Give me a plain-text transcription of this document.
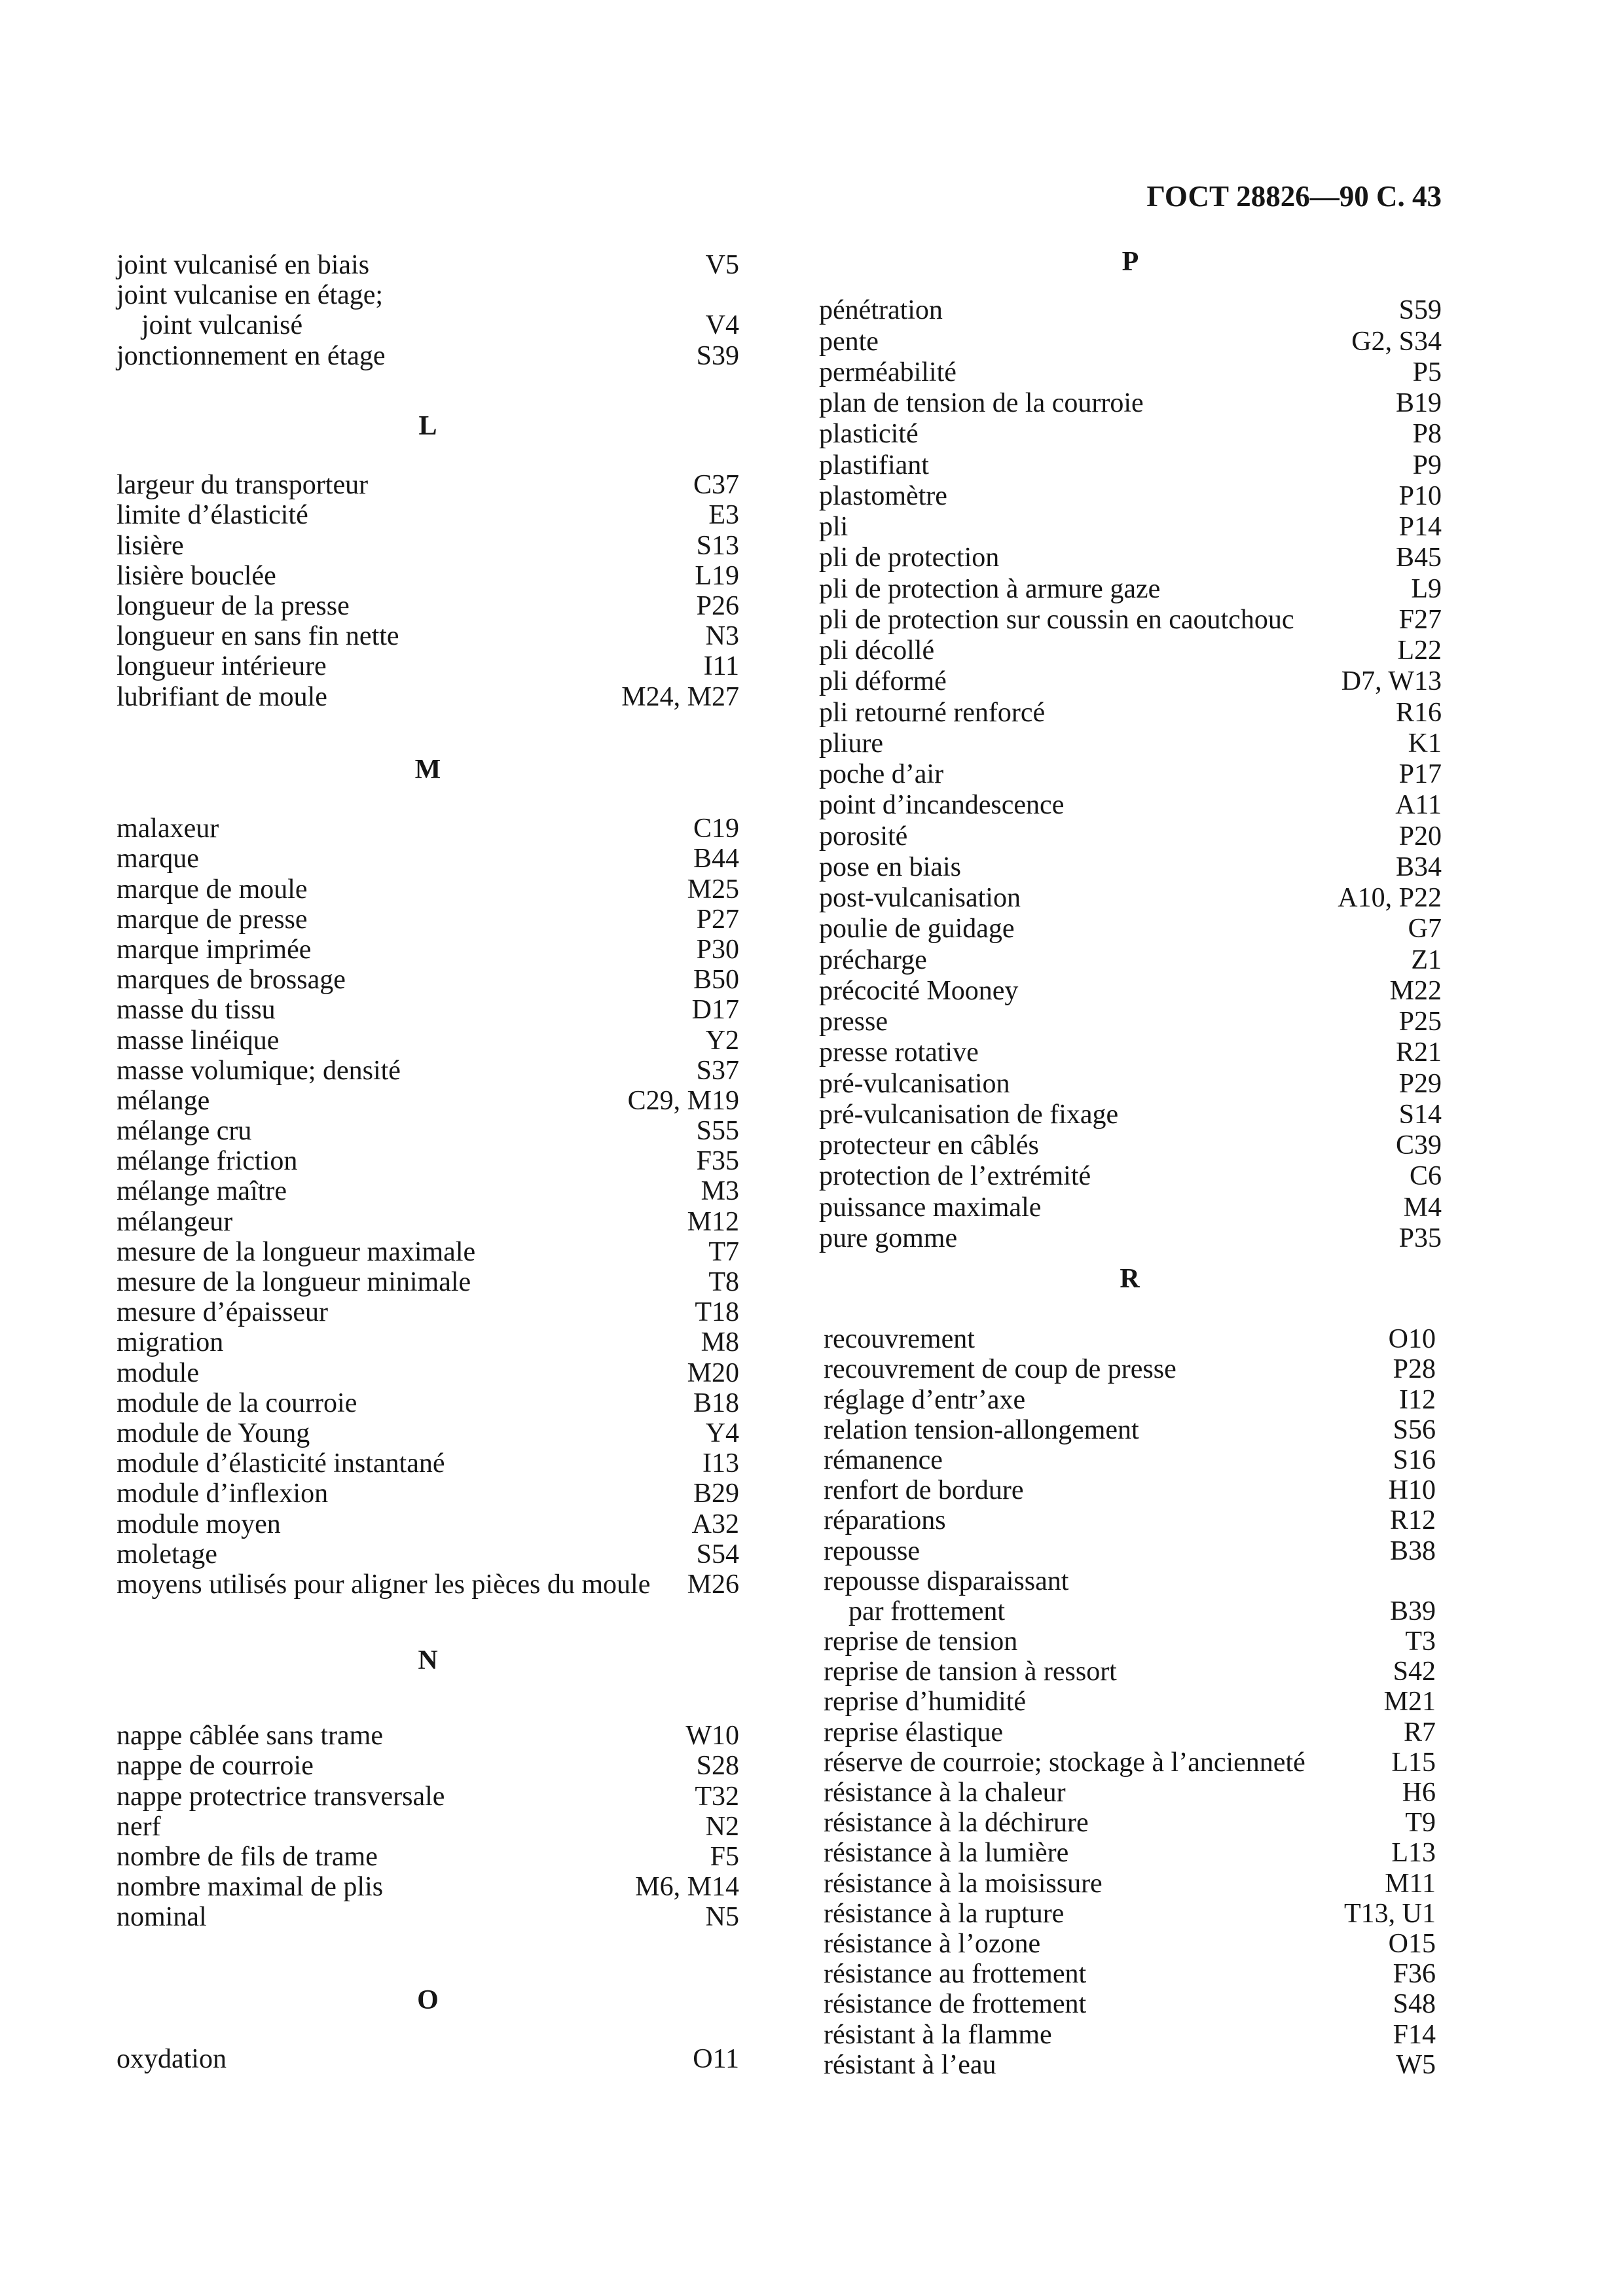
ГОСТ 28826—90 С. 43
joint vulcanisé en biais	V5
joint vulcanise en étage;
joint vulcanisé	V4
jonctionnement en étage	S39
L
largeur du transporteur	C37
limite d’élasticité	E3
lisière	S13
lisière bouclée	L19
longueur de la presse	P26
longueur en sans fin nette	N3
longueur intérieure	I11
lubrifiant de moule	M24, M27
M
malaxeur	C19
marque	B44
marque de moule	M25
marque de presse	P27
marque imprimée	P30
marques de brossage	B50
masse du tissu	D17
masse linéique	Y2
masse volumique; densité	S37
mélange	C29, M19
mélange cru	S55
mélange friction	F35
mélange maître	M3
mélangeur	M12
mesure de la longueur maximale	T7
mesure de la longueur minimale	T8
mesure d’épaisseur	T18
migration	M8
module	M20
module de la courroie	B18
module de Young	Y4
module d’élasticité instantané	I13
module d’inflexion	B29
module moyen	A32
moletage	S54
moyens utilisés pour aligner les pièces du moule M26
N
nappe câblée sans trame	W10
nappe de courroie	S28
nappe protectrice transversale	T32
nerf	N2
nombre de fils de trame	F5
nombre maximal de plis	M6, M14
nominal	N5
O
oxydation	O11
P
pénétration	S59
pente	G2, S34
perméabilité	P5
plan de tension de la courroie	B19
plasticité	P8
plastifiant	P9
plastomètre	P10
pli	P14
pli de protection	B45
pli de protection à armure gaze	L9
pli de protection sur coussin en caoutchouc	F27
pli décollé	L22
pli déformé	D7, W13
pli retourné renforcé	R16
pliure	K1
poche d’air	P17
point d’incandescence	A11
porosité	P20
pose en biais	B34
post-vulcanisation	A10, P22
poulie de guidage	G7
précharge	Z1
précocité Mooney	M22
presse	P25
presse rotative	R21
pré-vulcanisation	P29
pré-vulcanisation de fixage	S14
protecteur en câblés	C39
protection de l’extrémité	C6
puissance maximale	M4
pure gomme	P35
R
recouvrement	O10
recouvrement de coup de presse	P28
réglage d’entr’axe	I12
relation tension-allongement	S56
rémanence	S16
renfort de bordure	H10
réparations	R12
repousse	B38
repousse disparaissant
par frottement	B39
reprise de tension	T3
reprise de tansion à ressort	S42
reprise d’humidité	M21
reprise élastique	R7
réserve de courroie; stockage à l’ancienneté	L15
résistance à la chaleur	H6
résistance à la déchirure	T9
résistance à la lumière	L13
résistance à la moisissure	M11
résistance à la rupture	T13, U1
résistance à l’ozone	O15
résistance au frottement	F36
résistance de frottement	S48
résistant à la flamme	F14
résistant à l’eau	W5
